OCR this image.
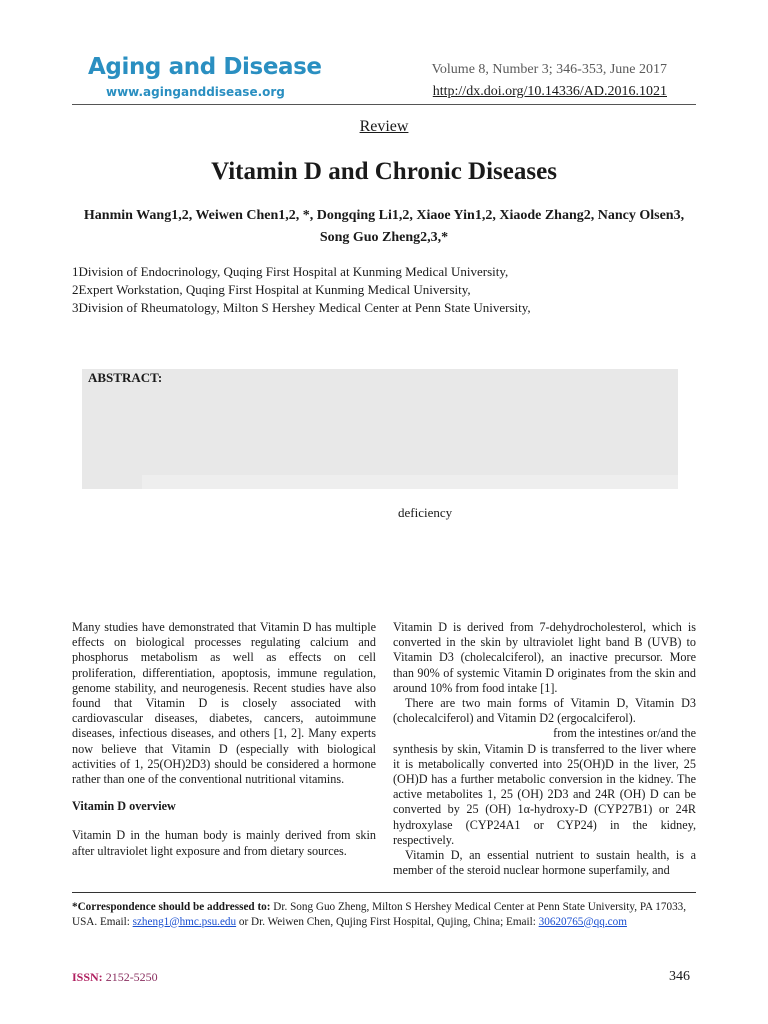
Aging and Disease
www.aginganddisease.org
Volume 8, Number 3; 346-353, June 2017
http://dx.doi.org/10.14336/AD.2016.1021
Review
Vitamin D and Chronic Diseases
Hanmin Wang1,2, Weiwen Chen1,2, *, Dongqing Li1,2, Xiaoe Yin1,2, Xiaode Zhang2, Nancy Olsen3,
Song Guo Zheng2,3,*
1Division of Endocrinology, Quqing First Hospital at Kunming Medical University,
2Expert Workstation, Quqing First Hospital at Kunming Medical University,
3Division of Rheumatology, Milton S Hershey Medical Center at Penn State University,
ABSTRACT:
deficiency

Many studies have demonstrated that Vitamin D has multiple effects on biological processes regulating calcium and phosphorus metabolism as well as effects on cell proliferation, differentiation, apoptosis, immune regulation, genome stability, and neurogenesis. Recent studies have also found that Vitamin D is closely associated with cardiovascular diseases, diabetes, cancers, autoimmune diseases, infectious diseases, and others [1, 2]. Many experts now believe that Vitamin D (especially with biological activities of 1, 25(OH)2D3) should be considered a hormone rather than one of the conventional nutritional vitamins.

Vitamin D overview

Vitamin D in the human body is mainly derived from skin after ultraviolet light exposure and from dietary sources.

Vitamin D is derived from 7-dehydrocholesterol, which is converted in the skin by ultraviolet light band B (UVB) to Vitamin D3 (cholecalciferol), an inactive precursor. More than 90% of systemic Vitamin D originates from the skin and around 10% from food intake [1].

There are two main forms of Vitamin D, Vitamin D3 (cholecalciferol) and Vitamin D2 (ergocalciferol).
from the intestines or/and the
synthesis by skin, Vitamin D is transferred to the liver where it is metabolically converted into 25(OH)D in the liver, 25 (OH)D has a further metabolic conversion in the kidney. The active metabolites 1, 25 (OH) 2D3 and 24R (OH) D can be converted by 25 (OH) 1α-hydroxy-D (CYP27B1) or 24R hydroxylase (CYP24A1 or CYP24) in the kidney, respectively.

Vitamin D, an essential nutrient to sustain health, is a member of the steroid nuclear hormone superfamily, and

*Correspondence should be addressed to: Dr. Song Guo Zheng, Milton S Hershey Medical Center at Penn State University, PA 17033, USA. Email: szheng1@hmc.psu.edu or Dr. Weiwen Chen, Qujing First Hospital, Qujing, China; Email: 30620765@qq.com
ISSN: 2152-5250	346
